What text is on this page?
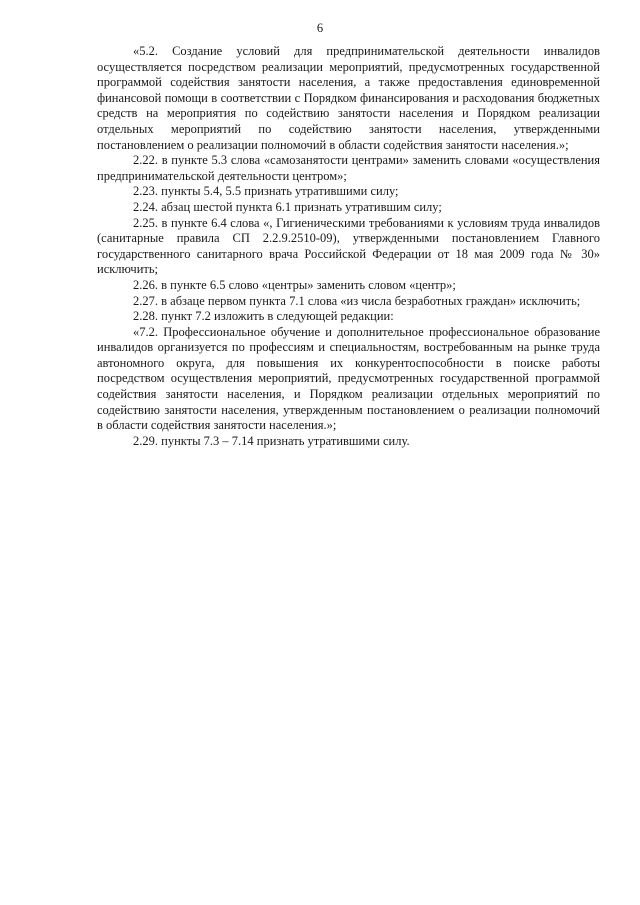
6

«5.2. Создание условий для предпринимательской деятельности инвалидов осуществляется посредством реализации мероприятий, предусмотренных государственной программой содействия занятости населения, а также предоставления единовременной финансовой помощи в соответствии с Порядком финансирования и расходования бюджетных средств на мероприятия по содействию занятости населения и Порядком реализации отдельных мероприятий по содействию занятости населения, утвержденными постановлением о реализации полномочий в области содействия занятости населения.»;

2.22. в пункте 5.3 слова «самозанятости центрами» заменить словами «осуществления предпринимательской деятельности центром»;

2.23. пункты 5.4, 5.5 признать утратившими силу;

2.24. абзац шестой пункта 6.1 признать утратившим силу;

2.25. в пункте 6.4 слова «, Гигиеническими требованиями к условиям труда инвалидов (санитарные правила СП 2.2.9.2510-09), утвержденными постановлением Главного государственного санитарного врача Российской Федерации от 18 мая 2009 года № 30» исключить;

2.26. в пункте 6.5 слово «центры» заменить словом «центр»;

2.27. в абзаце первом пункта 7.1 слова «из числа безработных граждан» исключить;

2.28. пункт 7.2 изложить в следующей редакции:

«7.2. Профессиональное обучение и дополнительное профессиональное образование инвалидов организуется по профессиям и специальностям, востребованным на рынке труда автономного округа, для повышения их конкурентоспособности в поиске работы посредством осуществления мероприятий, предусмотренных государственной программой содействия занятости населения, и Порядком реализации отдельных мероприятий по содействию занятости населения, утвержденным постановлением о реализации полномочий в области содействия занятости населения.»;

2.29. пункты 7.3 – 7.14 признать утратившими силу.
